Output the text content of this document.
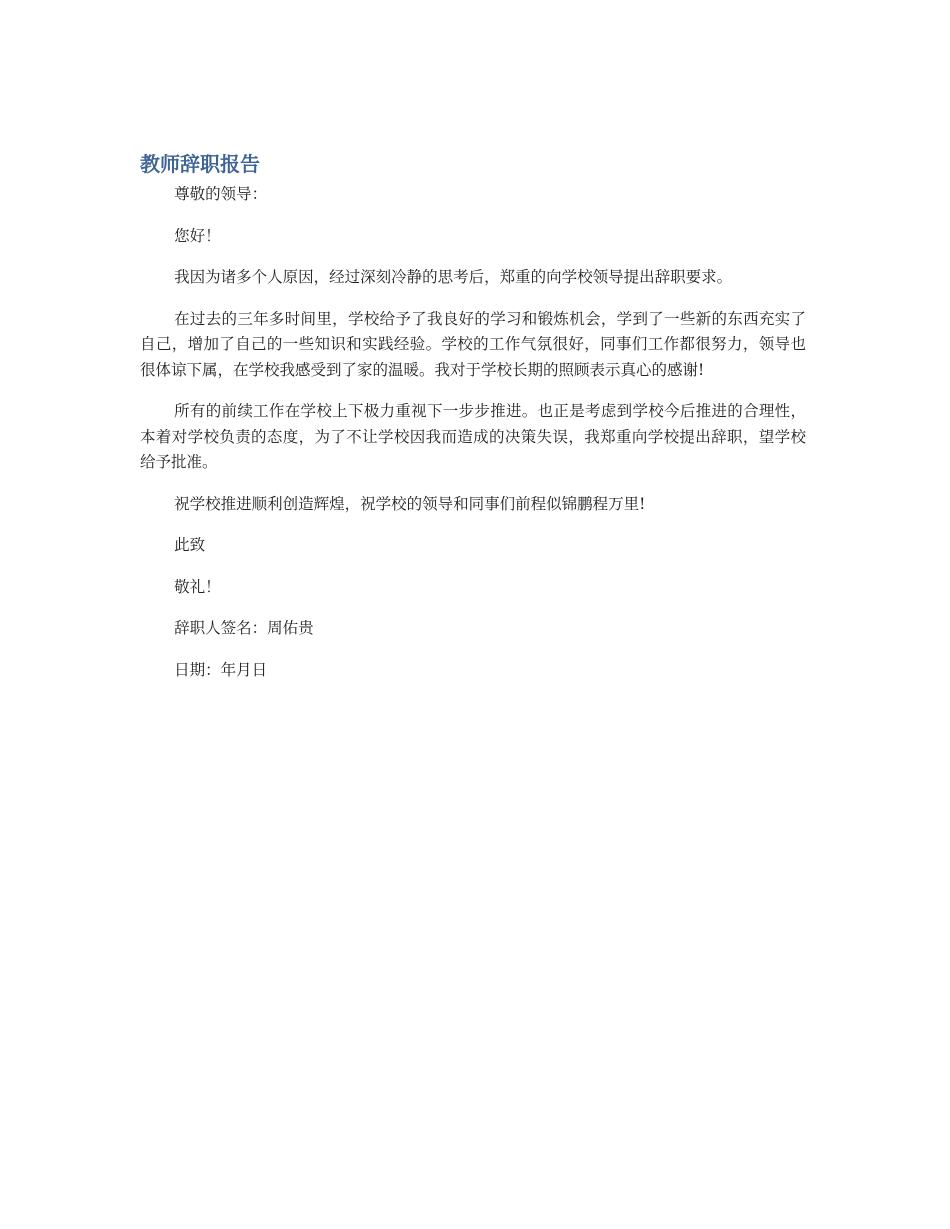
教师辞职报告

尊敬的领导：

您好！

我因为诸多个人原因，经过深刻冷静的思考后，郑重的向学校领导提出辞职要求。

在过去的三年多时间里，学校给予了我良好的学习和锻炼机会，学到了一些新的东西充实了自己，增加了自己的一些知识和实践经验。学校的工作气氛很好，同事们工作都很努力，领导也很体谅下属，在学校我感受到了家的温暖。我对于学校长期的照顾表示真心的感谢!

所有的前续工作在学校上下极力重视下一步步推进。也正是考虑到学校今后推进的合理性，本着对学校负责的态度，为了不让学校因我而造成的决策失误，我郑重向学校提出辞职，望学校给予批准。

祝学校推进顺利创造辉煌，祝学校的领导和同事们前程似锦鹏程万里!

此致

敬礼！

辞职人签名：周佑贵

日期：年月日
